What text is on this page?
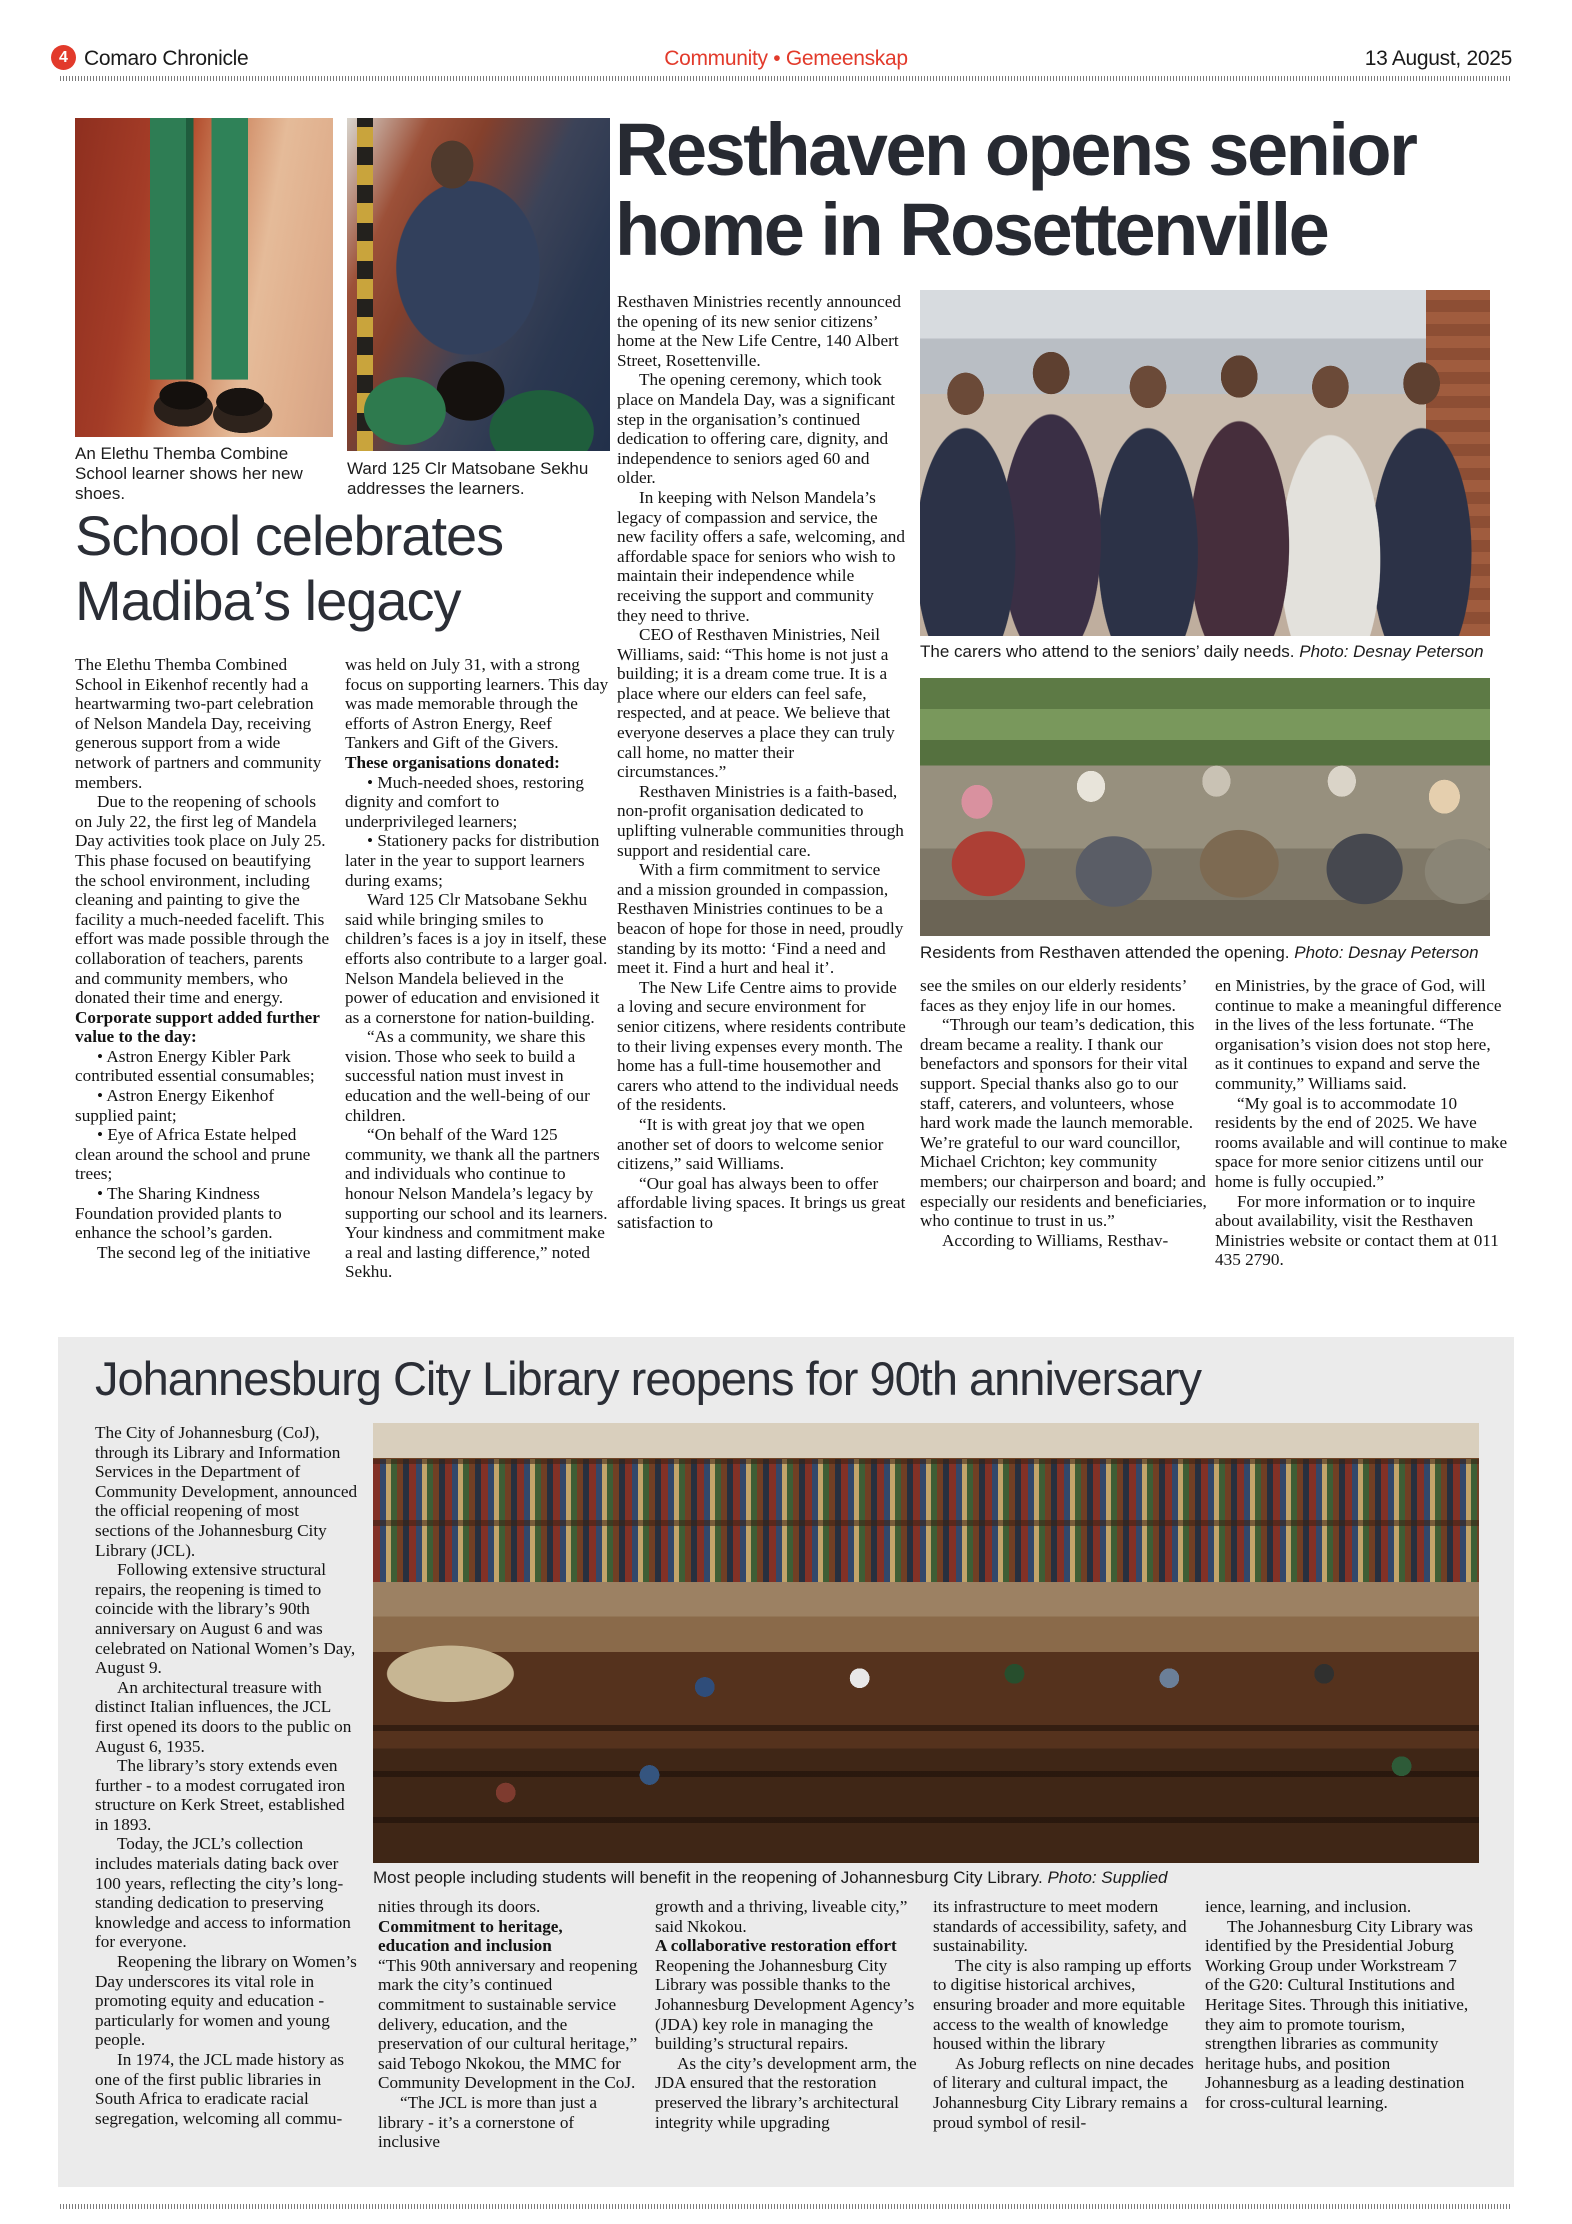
4 Comaro Chronicle	Community • Gemeenskap	13 August, 2025
An Elethu Themba Combine School learner shows her new shoes.
Ward 125 Clr Matsobane Sekhu addresses the learners.
Resthaven opens senior home in Rosettenville

Resthaven Ministries recently announced the opening of its new senior citizens’ home at the New Life Centre, 140 Albert Street, Rosettenville.

The opening ceremony, which took place on Mandela Day, was a significant step in the organisation’s continued dedication to offering care, dignity, and independence to seniors aged 60 and older.

In keeping with Nelson Mandela’s legacy of compassion and service, the new facility offers a safe, welcoming, and affordable space for seniors who wish to maintain their independence while receiving the support and community they need to thrive.

CEO of Resthaven Ministries, Neil Williams, said: “This home is not just a building; it is a dream come true. It is a place where our elders can feel safe, respected, and at peace. We believe that everyone deserves a place they can truly call home, no matter their circumstances.”

Resthaven Ministries is a faith-based, non-profit organisation dedicated to uplifting vulnerable communities through support and residential care.

With a firm commitment to service and a mission grounded in compassion, Resthaven Ministries continues to be a beacon of hope for those in need, proudly standing by its motto: ‘Find a need and meet it. Find a hurt and heal it’.

The New Life Centre aims to provide a loving and secure environment for senior citizens, where residents contribute to their living expenses every month. The home has a full-time housemother and carers who attend to the individual needs of the residents.

“It is with great joy that we open another set of doors to welcome senior citizens,” said Williams.

“Our goal has always been to offer affordable living spaces. It brings us great satisfaction to

The carers who attend to the seniors’ daily needs. Photo: Desnay Peterson
Residents from Resthaven attended the opening. Photo: Desnay Peterson

see the smiles on our elderly residents’ faces as they enjoy life in our homes.

“Through our team’s dedication, this dream became a reality. I thank our benefactors and sponsors for their vital support. Special thanks also go to our staff, caterers, and volunteers, whose hard work made the launch memorable. We’re grateful to our ward councillor, Michael Crichton; key community members; our chairperson and board; and especially our residents and beneficiaries, who continue to trust in us.”

According to Williams, Resthav-

en Ministries, by the grace of God, will continue to make a meaningful difference in the lives of the less fortunate. “The organisation’s vision does not stop here, as it continues to expand and serve the community,” Williams said.

“My goal is to accommodate 10 residents by the end of 2025. We have rooms available and will continue to make space for more senior citizens until our home is fully occupied.”

For more information or to inquire about availability, visit the Resthaven Ministries website or contact them at 011 435 2790.

School celebrates Madiba’s legacy

The Elethu Themba Combined School in Eikenhof recently had a heartwarming two-part celebration of Nelson Mandela Day, receiving generous support from a wide network of partners and community members.

Due to the reopening of schools on July 22, the first leg of Mandela Day activities took place on July 25. This phase focused on beautifying the school environment, including cleaning and painting to give the facility a much-needed facelift. This effort was made possible through the collaboration of teachers, parents and community members, who donated their time and energy.

Corporate support added further value to the day:

• Astron Energy Kibler Park contributed essential consumables;

• Astron Energy Eikenhof supplied paint;

• Eye of Africa Estate helped clean around the school and prune trees;

• The Sharing Kindness Foundation provided plants to enhance the school’s garden.

The second leg of the initiative

was held on July 31, with a strong focus on supporting learners. This day was made memorable through the efforts of Astron Energy, Reef Tankers and Gift of the Givers.

These organisations donated:

• Much-needed shoes, restoring dignity and comfort to underprivileged learners;

• Stationery packs for distribution later in the year to support learners during exams;

Ward 125 Clr Matsobane Sekhu said while bringing smiles to children’s faces is a joy in itself, these efforts also contribute to a larger goal. Nelson Mandela believed in the power of education and envisioned it as a cornerstone for nation-building.

“As a community, we share this vision. Those who seek to build a successful nation must invest in education and the well-being of our children.

“On behalf of the Ward 125 community, we thank all the partners and individuals who continue to honour Nelson Mandela’s legacy by supporting our school and its learners. Your kindness and commitment make a real and lasting difference,” noted Sekhu.

Johannesburg City Library reopens for 90th anniversary

The City of Johannesburg (CoJ), through its Library and Information Services in the Department of Community Development, announced the official reopening of most sections of the Johannesburg City Library (JCL).

Following extensive structural repairs, the reopening is timed to coincide with the library’s 90th anniversary on August 6 and was celebrated on National Women’s Day, August 9.

An architectural treasure with distinct Italian influences, the JCL first opened its doors to the public on August 6, 1935.

The library’s story extends even further - to a modest corrugated iron structure on Kerk Street, established in 1893.

Today, the JCL’s collection includes materials dating back over 100 years, reflecting the city’s long-standing dedication to preserving knowledge and access to information for everyone.

Reopening the library on Women’s Day underscores its vital role in promoting equity and education - particularly for women and young people.

In 1974, the JCL made history as one of the first public libraries in South Africa to eradicate racial segregation, welcoming all commu-

Most people including students will benefit in the reopening of Johannesburg City Library. Photo: Supplied

nities through its doors.

Commitment to heritage, education and inclusion

“This 90th anniversary and reopening mark the city’s continued commitment to sustainable service delivery, education, and the preservation of our cultural heritage,” said Tebogo Nkokou, the MMC for Community Development in the CoJ.

“The JCL is more than just a library - it’s a cornerstone of inclusive

growth and a thriving, liveable city,” said Nkokou.

A collaborative restoration effort

Reopening the Johannesburg City Library was possible thanks to the Johannesburg Development Agency’s (JDA) key role in managing the building’s structural repairs.

As the city’s development arm, the JDA ensured that the restoration preserved the library’s architectural integrity while upgrading

its infrastructure to meet modern standards of accessibility, safety, and sustainability.

The city is also ramping up efforts to digitise historical archives, ensuring broader and more equitable access to the wealth of knowledge housed within the library

As Joburg reflects on nine decades of literary and cultural impact, the Johannesburg City Library remains a proud symbol of resil-

ience, learning, and inclusion.

The Johannesburg City Library was identified by the Presidential Joburg Working Group under Workstream 7 of the G20: Cultural Institutions and Heritage Sites. Through this initiative, they aim to promote tourism, strengthen libraries as community heritage hubs, and position Johannesburg as a leading destination for cross-cultural learning.
